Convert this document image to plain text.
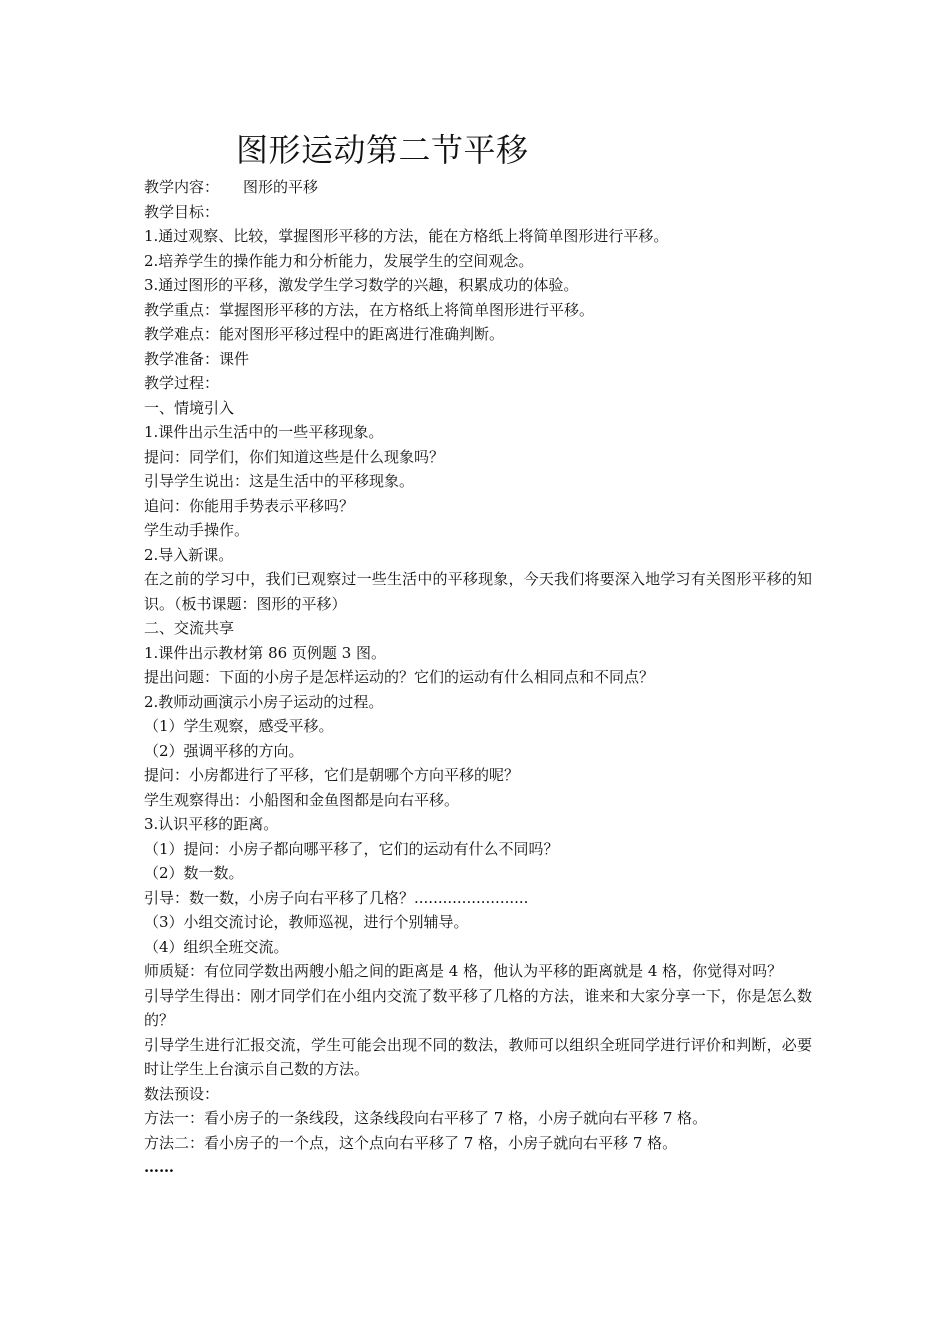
图形运动第二节平移

教学内容： 图形的平移

教学目标：

1.通过观察、比较，掌握图形平移的方法，能在方格纸上将简单图形进行平移。

2.培养学生的操作能力和分析能力，发展学生的空间观念。

3.通过图形的平移，激发学生学习数学的兴趣，积累成功的体验。

教学重点：掌握图形平移的方法，在方格纸上将简单图形进行平移。

教学难点：能对图形平移过程中的距离进行准确判断。

教学准备：课件

教学过程：

一、情境引入

1.课件出示生活中的一些平移现象。

提问：同学们，你们知道这些是什么现象吗？

引导学生说出：这是生活中的平移现象。

追问：你能用手势表示平移吗？

学生动手操作。

2.导入新课。

在之前的学习中，我们已观察过一些生活中的平移现象，今天我们将要深入地学习有关图形平移的知识。（板书课题：图形的平移）

二、交流共享

1.课件出示教材第 86 页例题 3 图。

提出问题：下面的小房子是怎样运动的？它们的运动有什么相同点和不同点？

2.教师动画演示小房子运动的过程。

（1）学生观察，感受平移。

（2）强调平移的方向。

提问：小房都进行了平移，它们是朝哪个方向平移的呢？

学生观察得出：小船图和金鱼图都是向右平移。

3.认识平移的距离。

（1）提问：小房子都向哪平移了，它们的运动有什么不同吗？

（2）数一数。

引导：数一数，小房子向右平移了几格？........................

（3）小组交流讨论，教师巡视，进行个别辅导。

（4）组织全班交流。

师质疑：有位同学数出两艘小船之间的距离是 4 格，他认为平移的距离就是 4 格，你觉得对吗？

引导学生得出：刚才同学们在小组内交流了数平移了几格的方法，谁来和大家分享一下，你是怎么数的？

引导学生进行汇报交流，学生可能会出现不同的数法，教师可以组织全班同学进行评价和判断，必要时让学生上台演示自己数的方法。

数法预设：

方法一：看小房子的一条线段，这条线段向右平移了 7 格，小房子就向右平移 7 格。

方法二：看小房子的一个点，这个点向右平移了 7 格，小房子就向右平移 7 格。

……
